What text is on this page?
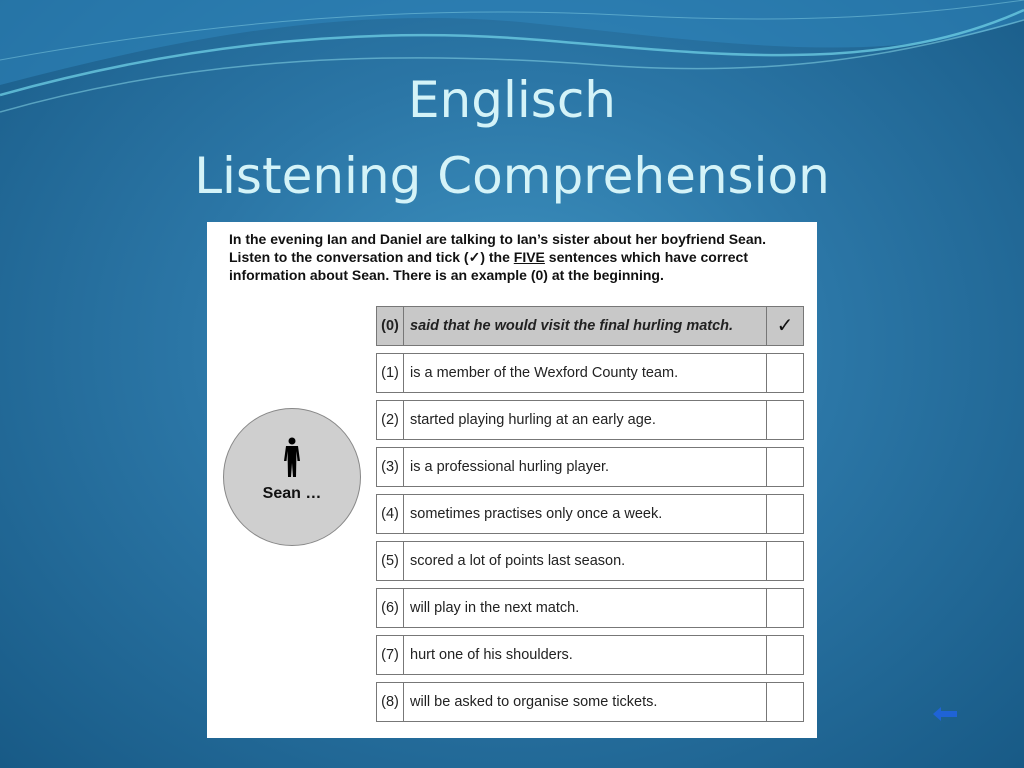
Englisch
Listening Comprehension
In the evening Ian and Daniel are talking to Ian’s sister about her boyfriend Sean. Listen to the conversation and tick (✓) the FIVE sentences which have correct information about Sean. There is an example (0) at the beginning.
Sean …
(0) said that he would visit the final hurling match.	✓
(1) is a member of the Wexford County team.
(2) started playing hurling at an early age.
(3) is a professional hurling player.
(4) sometimes practises only once a week.
(5) scored a lot of points last season.
(6) will play in the next match.
(7) hurt one of his shoulders.
(8) will be asked to organise some tickets.
